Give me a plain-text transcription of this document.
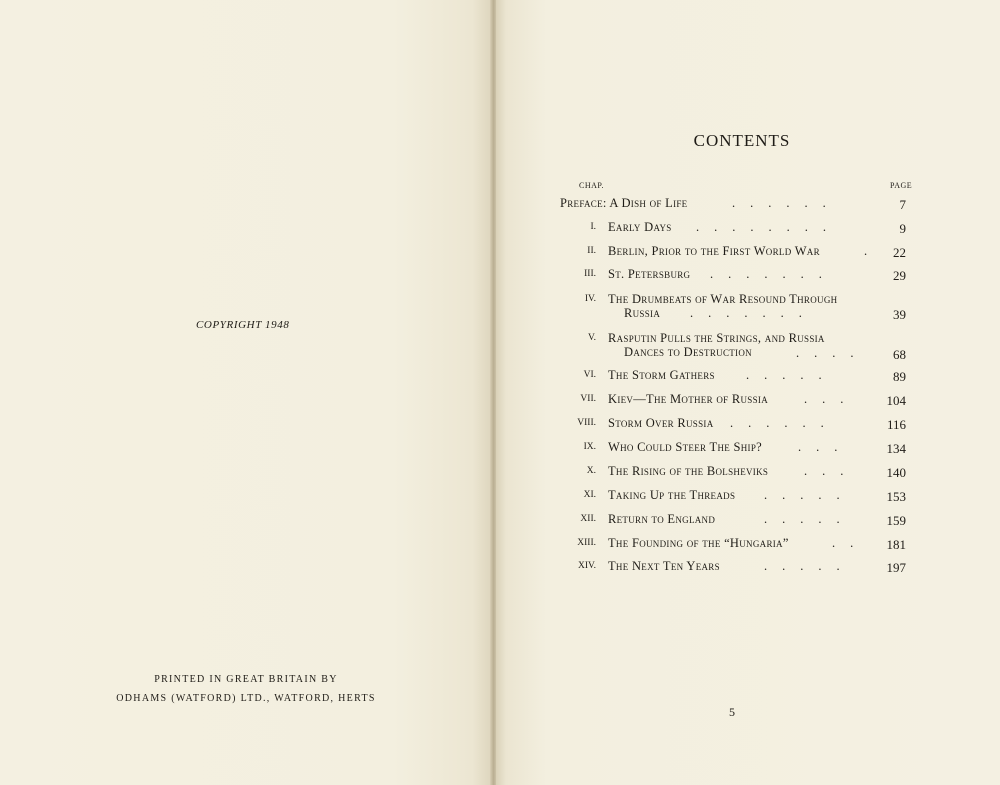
COPYRIGHT 1948
PRINTED IN GREAT BRITAIN BY
ODHAMS (WATFORD) LTD., WATFORD, HERTS
CONTENTS
CHAP.	PAGE
Preface: A Dish of Life	......	7
I. Early Days ........	9
II. Berlin, Prior to the First World War	. 22
III. St. Petersburg .......	29
IV. The Drumbeats of War Resound Through
Russia .......	39
V. Rasputin Pulls the Strings, and Russia
Dances to Destruction	.... 68
VI. The Storm Gathers .....	89
VII. Kiev—The Mother of Russia	... 104
VIII. Storm Over Russia ......	116
IX. Who Could Steer The Ship?	...	134
X. The Rising of the Bolsheviks	... 140
XI. Taking Up the Threads ..... 153
XII. Return to England	..... 159
XIII. The Founding of the “Hungaria”	.. 181
XIV. The Next Ten Years	..... 197
5
